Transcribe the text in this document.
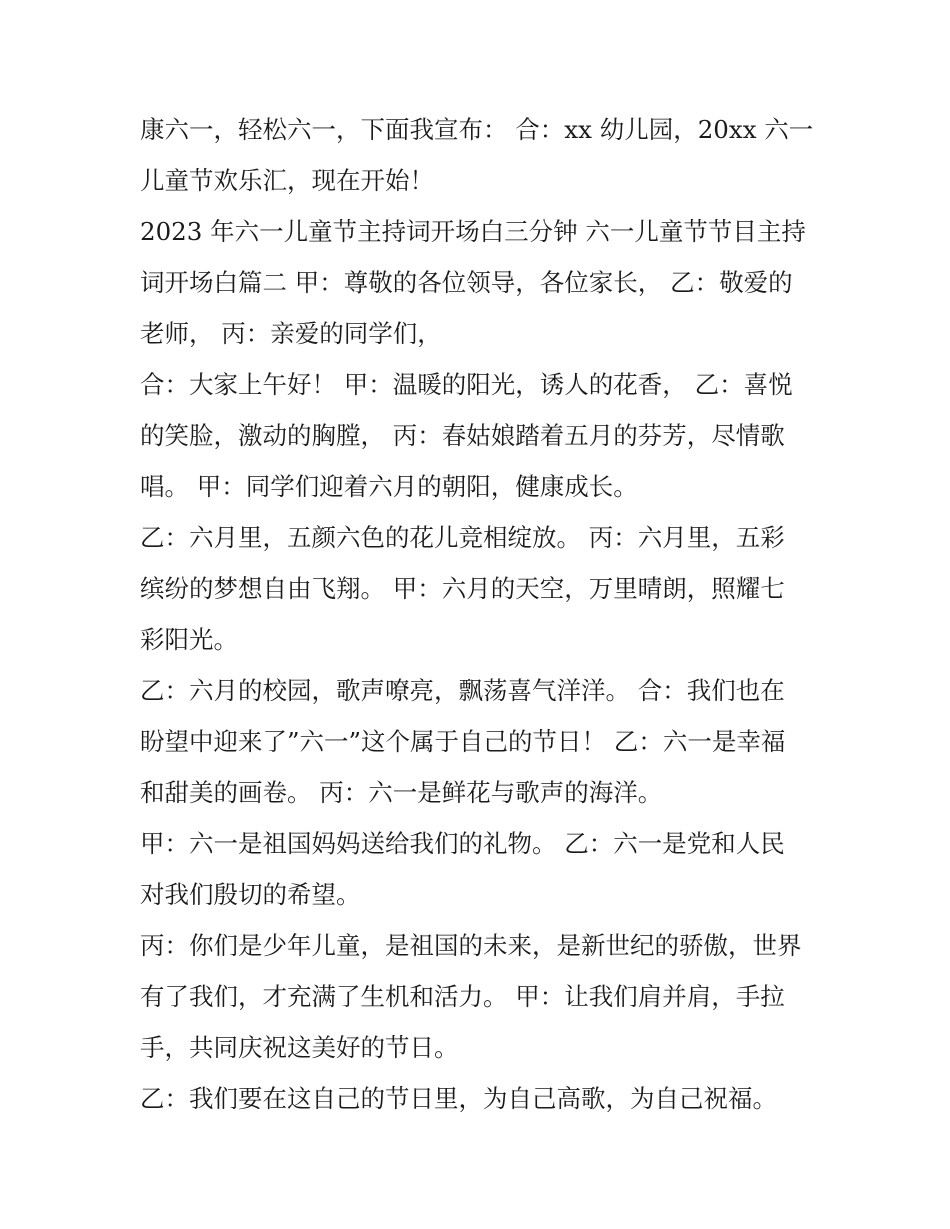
康六一，轻松六一，下面我宣布： 合：xx 幼儿园，20xx 六一
儿童节欢乐汇，现在开始！

2023 年六一儿童节主持词开场白三分钟 六一儿童节节目主持
词开场白篇二 甲：尊敬的各位领导，各位家长， 乙：敬爱的
老师， 丙：亲爱的同学们，

合：大家上午好！ 甲：温暖的阳光，诱人的花香， 乙：喜悦
的笑脸，激动的胸膛， 丙：春姑娘踏着五月的芬芳，尽情歌
唱。 甲：同学们迎着六月的朝阳，健康成长。

乙：六月里，五颜六色的花儿竞相绽放。 丙：六月里，五彩
缤纷的梦想自由飞翔。 甲：六月的天空，万里晴朗，照耀七
彩阳光。

乙：六月的校园，歌声嘹亮，飘荡喜气洋洋。 合：我们也在
盼望中迎来了”六一”这个属于自己的节日！ 乙：六一是幸福
和甜美的画卷。 丙：六一是鲜花与歌声的海洋。

甲：六一是祖国妈妈送给我们的礼物。 乙：六一是党和人民
对我们殷切的希望。

丙：你们是少年儿童，是祖国的未来，是新世纪的骄傲，世界
有了我们，才充满了生机和活力。 甲：让我们肩并肩，手拉
手，共同庆祝这美好的节日。

乙：我们要在这自己的节日里，为自己高歌，为自己祝福。
